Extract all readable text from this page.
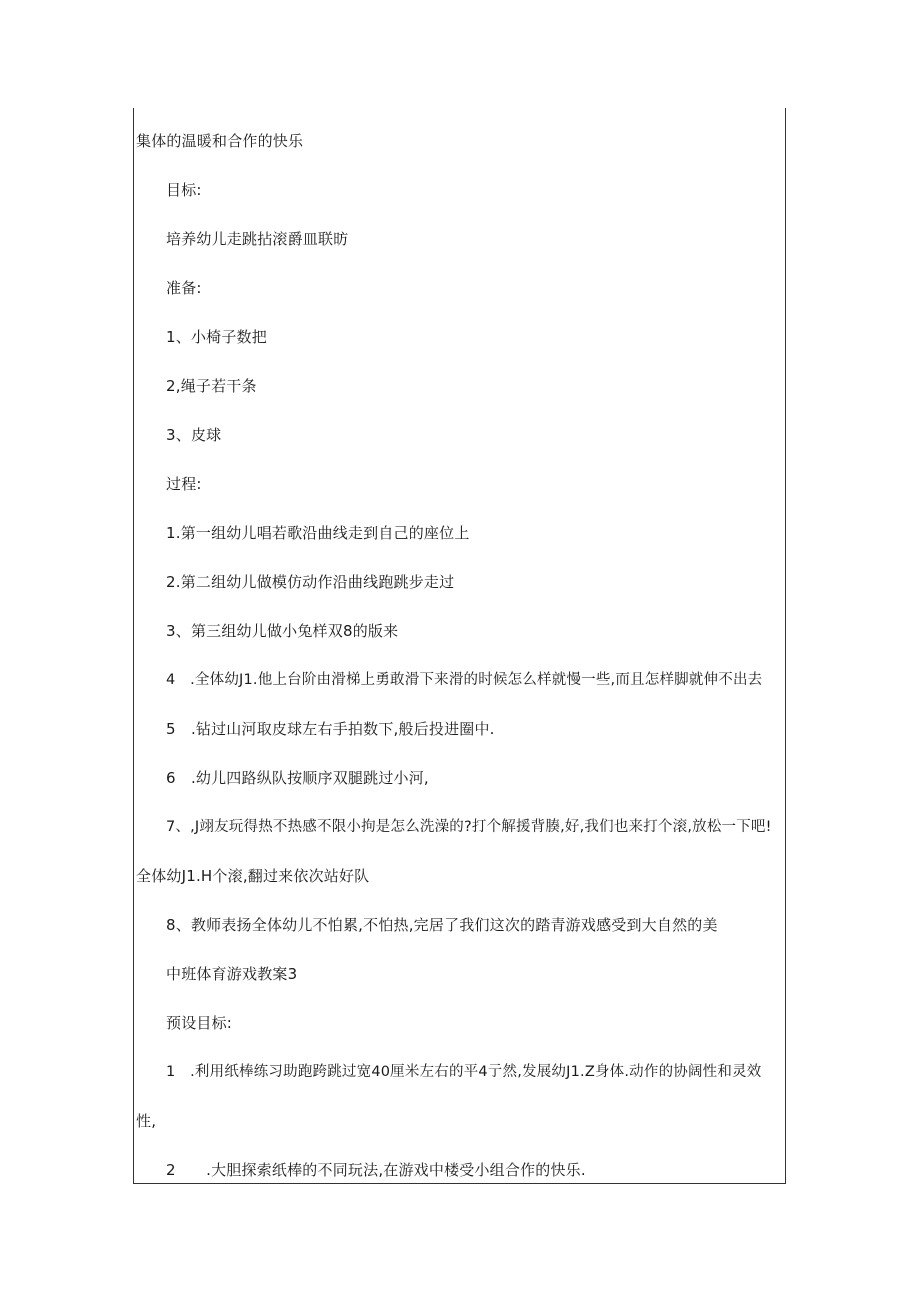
集体的温暖和合作的快乐
目标:
培养幼儿走跳拈滚爵皿联昉
准备:
1、小椅子数把
2,绳子若干条
3、皮球
过程:
1.第一组幼儿唱若歌沿曲线走到自己的座位上
2.第二组幼儿做模仿动作沿曲线跑跳步走过
3、第三组幼儿做小兔样双8的版来
4　.全体幼J1.他上台阶由滑梯上勇敢滑下来滑的时候怎么样就慢一些,而且怎样脚就伸不出去
5　.钻过山河取皮球左右手拍数下,般后投进圈中.
6　.幼儿四路纵队按顺序双腿跳过小河,
7、,J翊友玩得热不热感不限小拘是怎么洗澡的?打个解援背腠,好,我们也来打个滚,放松一下吧!
全体幼J1.H个滚,翻过来依次站好队
8、教师表扬全体幼儿不怕累,不怕热,完居了我们这次的踏青游戏感受到大自然的美
中班体育游戏教案3
预设目标:
1　.利用纸棒练习助跑跨跳过宽40厘米左右的平4亍然,发展幼J1.Z身体.动作的协阔性和灵效
性,
2　　.大胆探索纸棒的不同玩法,在游戏中楼受小组合作的快乐.
